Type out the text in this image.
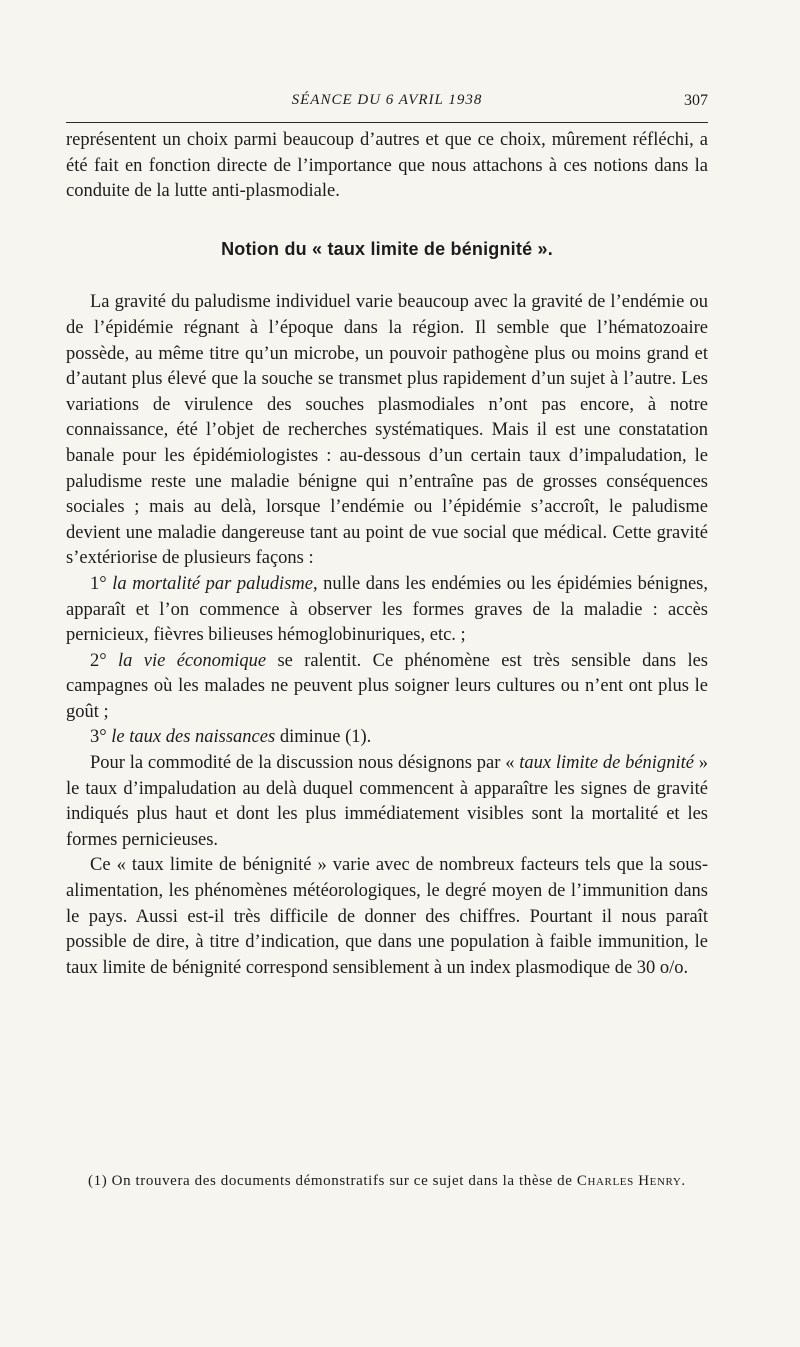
SÉANCE DU 6 AVRIL 1938	307

représentent un choix parmi beaucoup d’autres et que ce choix, mûrement réfléchi, a été fait en fonction directe de l’importance que nous attachons à ces notions dans la conduite de la lutte anti-plasmodiale.

Notion du « taux limite de bénignité ».

La gravité du paludisme individuel varie beaucoup avec la gravité de l’endémie ou de l’épidémie régnant à l’époque dans la région. Il semble que l’hématozoaire possède, au même titre qu’un microbe, un pouvoir pathogène plus ou moins grand et d’autant plus élevé que la souche se transmet plus rapidement d’un sujet à l’autre. Les variations de virulence des souches plasmodiales n’ont pas encore, à notre connaissance, été l’objet de recherches systématiques. Mais il est une constatation banale pour les épidémiologistes : au-dessous d’un certain taux d’impaludation, le paludisme reste une maladie bénigne qui n’entraîne pas de grosses conséquences sociales ; mais au delà, lorsque l’endémie ou l’épidémie s’accroît, le paludisme devient une maladie dangereuse tant au point de vue social que médical. Cette gravité s’extériorise de plusieurs façons :

1° la mortalité par paludisme, nulle dans les endémies ou les épidémies bénignes, apparaît et l’on commence à observer les formes graves de la maladie : accès pernicieux, fièvres bilieuses hémoglobinuriques, etc. ;

2° la vie économique se ralentit. Ce phénomène est très sensible dans les campagnes où les malades ne peuvent plus soigner leurs cultures ou n’ent ont plus le goût ;

3° le taux des naissances diminue (1).

Pour la commodité de la discussion nous désignons par « taux limite de bénignité » le taux d’impaludation au delà duquel commencent à apparaître les signes de gravité indiqués plus haut et dont les plus immédiatement visibles sont la mortalité et les formes pernicieuses.

Ce « taux limite de bénignité » varie avec de nombreux facteurs tels que la sous-alimentation, les phénomènes météorologiques, le degré moyen de l’immunition dans le pays. Aussi est-il très difficile de donner des chiffres. Pourtant il nous paraît possible de dire, à titre d’indication, que dans une population à faible immunition, le taux limite de bénignité correspond sensiblement à un index plasmodique de 30 o/o.

(1) On trouvera des documents démonstratifs sur ce sujet dans la thèse de Charles Henry.
